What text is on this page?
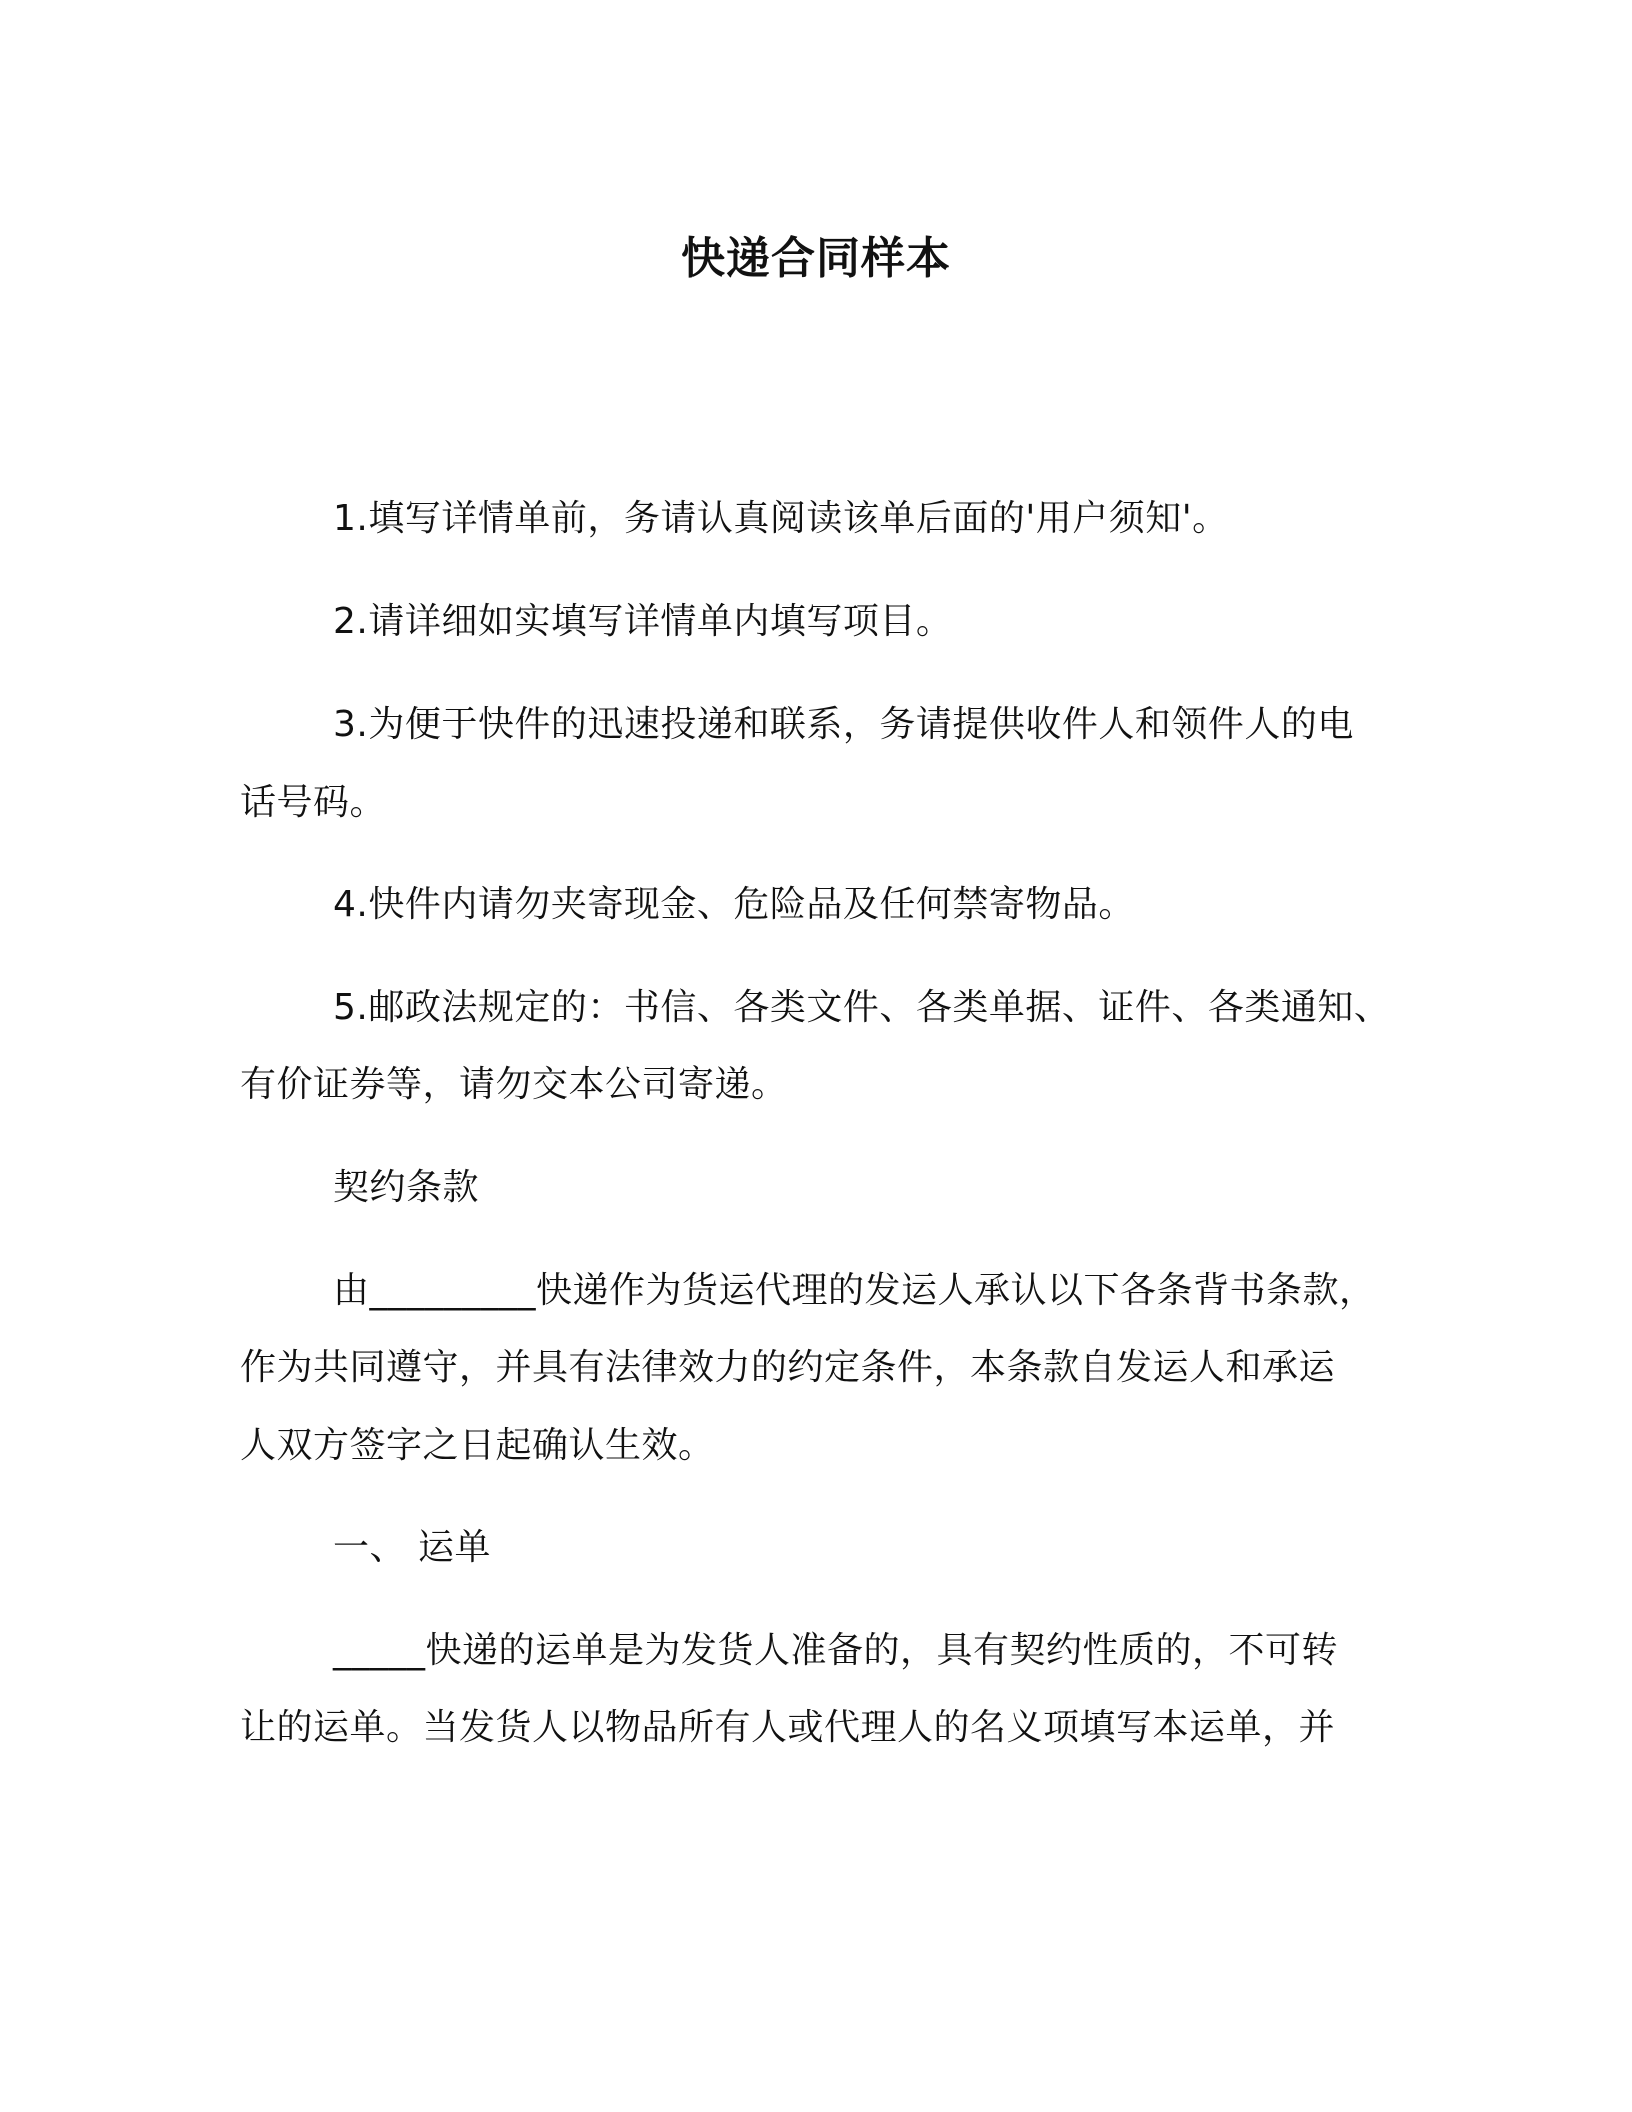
快递合同样本

1.填写详情单前，务请认真阅读该单后面的'用户须知'。

2.请详细如实填写详情单内填写项目。

3.为便于快件的迅速投递和联系，务请提供收件人和领件人的电

话号码。

4.快件内请勿夹寄现金、危险品及任何禁寄物品。

5.邮政法规定的：书信、各类文件、各类单据、证件、各类通知、

有价证券等，请勿交本公司寄递。

契约条款

由_________快递作为货运代理的发运人承认以下各条背书条款，

作为共同遵守，并具有法律效力的约定条件，本条款自发运人和承运

人双方签字之日起确认生效。

一、 运单

_____快递的运单是为发货人准备的，具有契约性质的，不可转

让的运单。当发货人以物品所有人或代理人的名义项填写本运单，并
